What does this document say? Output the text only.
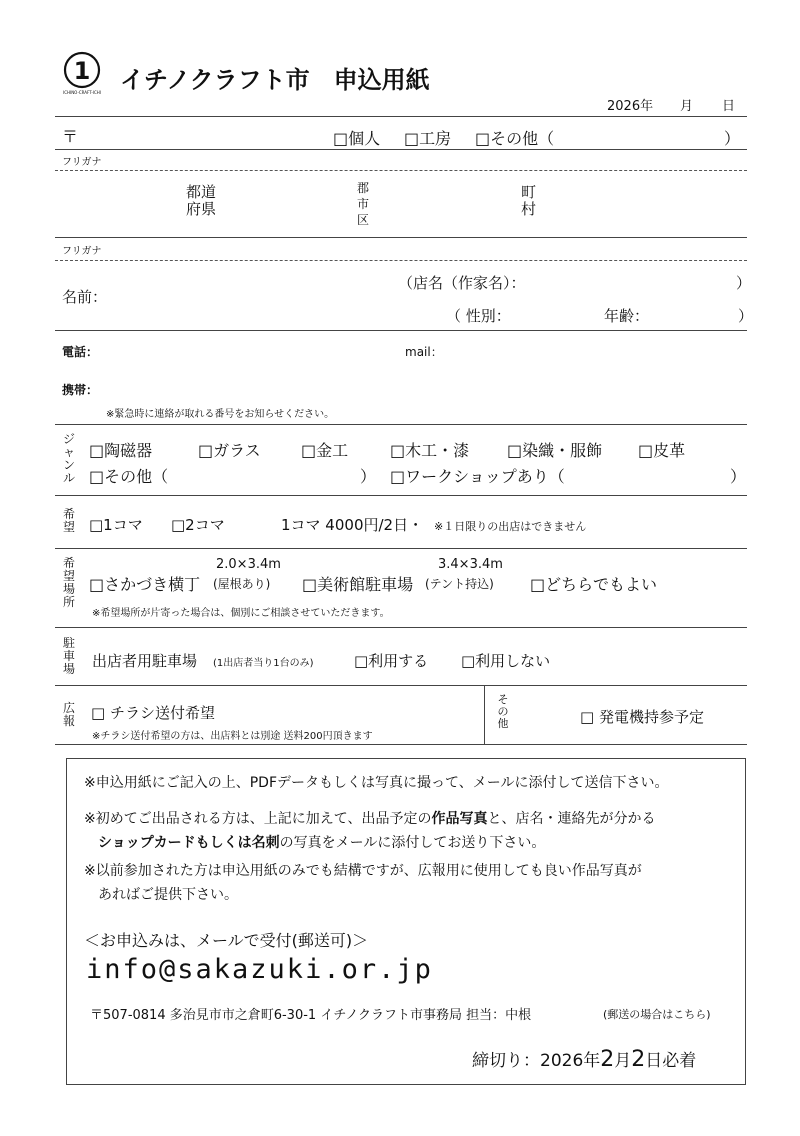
1
ICHINO-CRAFT-ICHI イチノクラフト市　申込用紙
2026年 月 日
〒	□個人 □工房 □その他（	）
フリガナ
都道
府県
郡
市
区
町
村
フリガナ
（店名（作家名）：	）
名前：
（ 性別：	年齢：	）
電話：	mail：
携帯：
※緊急時に連絡が取れる番号をお知らせください。
ジャンル
□陶磁器	□ガラス	□金工	□木工・漆 □染織・服飾 □皮革
□その他（	） □ワークショップあり（	）
希望 □1コマ □2コマ	1コマ 4000円/2日・ ※１日限りの出店はできません
希望場所
2.0×3.4m	3.4×3.4m
□さかづき横丁 (屋根あり) □美術館駐車場 (テント持込) □どちらでもよい
※希望場所が片寄った場合は、個別にご相談させていただきます。
駐車場 出店者用駐車場 (1出店者当り1台のみ)	□利用する □利用しない
広報 □ チラシ送付希望
※チラシ送付希望の方は、出店料とは別途 送料200円頂きます
その他	□ 発電機持参予定
※申込用紙にご記入の上、PDFデータもしくは写真に撮って、メールに添付して送信下さい。
※初めてご出品される方は、上記に加えて、出品予定の作品写真と、店名・連絡先が分かる
ショップカードもしくは名刺の写真をメールに添付してお送り下さい。
※以前参加された方は申込用紙のみでも結構ですが、広報用に使用しても良い作品写真が
あればご提供下さい。
＜お申込みは、メールで受付(郵送可)＞
info@sakazuki.or.jp
〒507-0814 多治見市市之倉町6-30-1 イチノクラフト市事務局 担当：中根	(郵送の場合はこちら)
締切り：2026年2月2日必着
